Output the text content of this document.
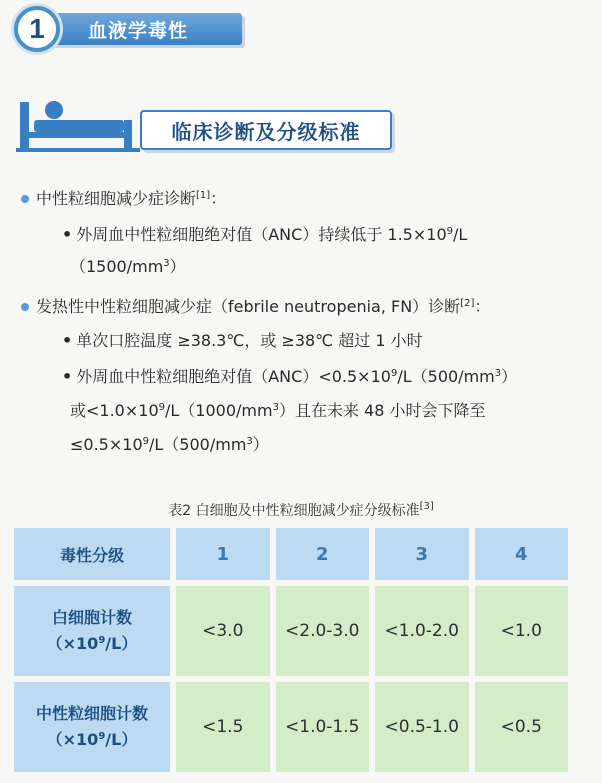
1	血液学毒性
临床诊断及分级标准
中性粒细胞减少症诊断[1]：
• 外周血中性粒细胞绝对值（ANC）持续低于 $1.5\times 10^9/L$
$(1500/mm^3)$
发热性中性粒细胞减少症（febrile neutropenia, FN）诊断[2]：
• 单次口腔温度 ≥38.3℃，或 ≥38℃ 超过 1 小时
• 外周血中性粒细胞绝对值$(ANC)<0.5\times 10^9/L(500/mm^3)$
或$<1.0\times 10^9/L(1000/mm^3)$且在未来 48 小时会下降至
$\le 0.5\times 10^9/L(500/mm^3)$
表2 白细胞及中性粒细胞减少症分级标准[3]
毒性分级	1	2	3	4
白细胞计数
$(\times 10^9/L)$
<3.0	<2.0-3.0	<1.0-2.0	<1.0
中性粒细胞计数
$(\times 10^9/L)$
<1.5	<1.0-1.5	<0.5-1.0	<0.5
